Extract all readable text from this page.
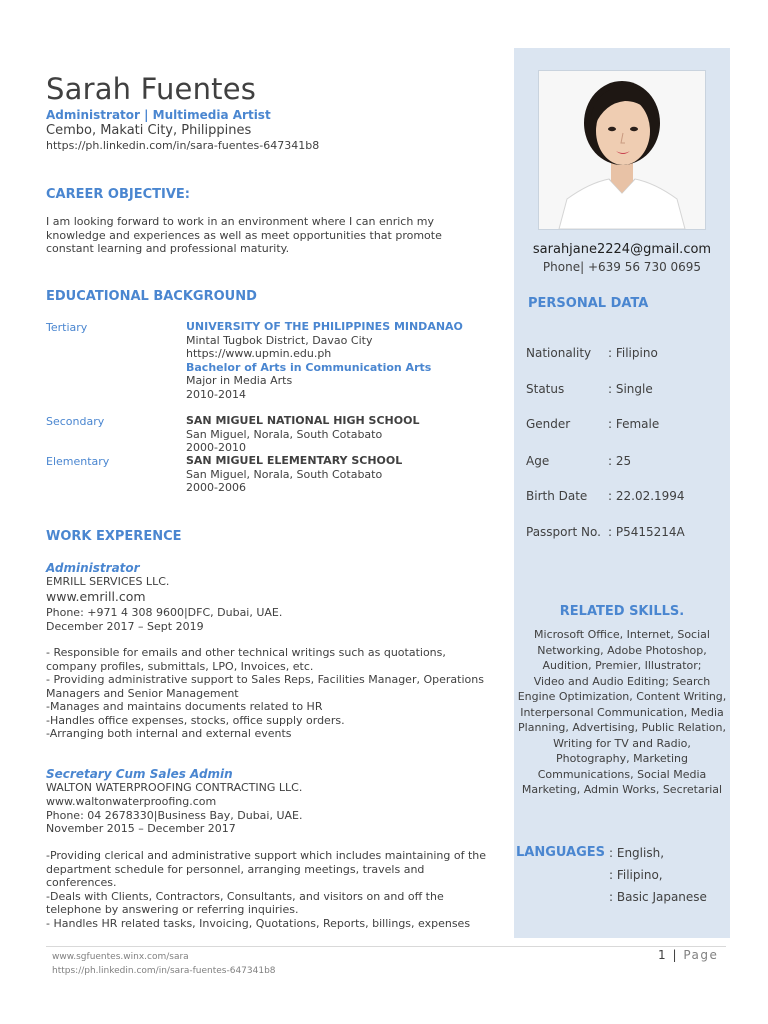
Sarah Fuentes
Administrator | Multimedia Artist
Cembo, Makati City, Philippines
https://ph.linkedin.com/in/sara-fuentes-647341b8
CAREER OBJECTIVE:
I am looking forward to work in an environment where I can enrich my
knowledge and experiences as well as meet opportunities that promote
constant learning and professional maturity.
EDUCATIONAL BACKGROUND
Tertiary	UNIVERSITY OF THE PHILIPPINES MINDANAO
Mintal Tugbok District, Davao City
https://www.upmin.edu.ph
Bachelor of Arts in Communication Arts
Major in Media Arts
2010-2014
Secondary	SAN MIGUEL NATIONAL HIGH SCHOOL
San Miguel, Norala, South Cotabato
2000-2010
Elementary	SAN MIGUEL ELEMENTARY SCHOOL
San Miguel, Norala, South Cotabato
2000-2006
WORK EXPERENCE
Administrator
EMRILL SERVICES LLC.
www.emrill.com
Phone: +971 4 308 9600|DFC, Dubai, UAE.
December 2017 – Sept 2019
- Responsible for emails and other technical writings such as quotations,
company profiles, submittals, LPO, Invoices, etc.
- Providing administrative support to Sales Reps, Facilities Manager, Operations
Managers and Senior Management
-Manages and maintains documents related to HR
-Handles office expenses, stocks, office supply orders.
-Arranging both internal and external events
Secretary Cum Sales Admin
WALTON WATERPROOFING CONTRACTING LLC.
www.waltonwaterproofing.com
Phone: 04 2678330|Business Bay, Dubai, UAE.
November 2015 – December 2017
-Providing clerical and administrative support which includes maintaining of the
department schedule for personnel, arranging meetings, travels and
conferences.
-Deals with Clients, Contractors, Consultants, and visitors on and off the
telephone by answering or referring inquiries.
- Handles HR related tasks, Invoicing, Quotations, Reports, billings, expenses
sarahjane2224@gmail.com
Phone| +639 56 730 0695
PERSONAL DATA
Nationality : Filipino
Status	: Single
Gender	: Female
Age	: 25
Birth Date : 22.02.1994
Passport No. : P5415214A
RELATED SKILLS.
Microsoft Office, Internet, Social
Networking, Adobe Photoshop,
Audition, Premier, Illustrator;
Video and Audio Editing; Search
Engine Optimization, Content Writing,
Interpersonal Communication, Media
Planning, Advertising, Public Relation,
Writing for TV and Radio,
Photography, Marketing
Communications, Social Media
Marketing, Admin Works, Secretarial
LANGUAGES : English,
: Filipino,
: Basic Japanese
www.sgfuentes.winx.com/sara
https://ph.linkedin.com/in/sara-fuentes-647341b8
1 | Page
